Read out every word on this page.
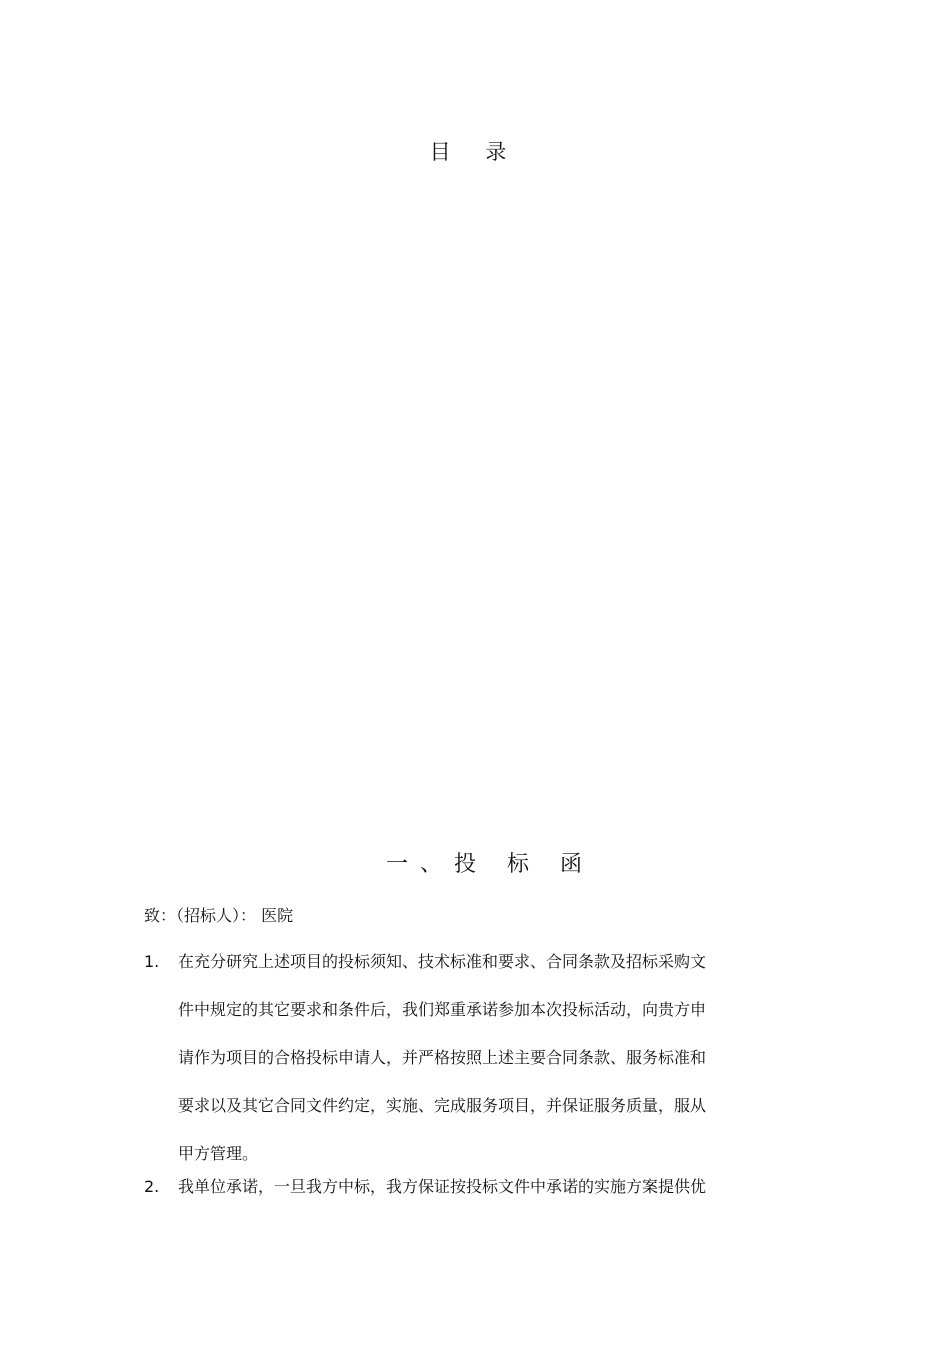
目 录
一、投 标 函
致：（招标人）： 医院
1. 在充分研究上述项目的投标须知、技术标准和要求、合同条款及招标采购文
件中规定的其它要求和条件后，我们郑重承诺参加本次投标活动，向贵方申
请作为项目的合格投标申请人，并严格按照上述主要合同条款、服务标准和
要求以及其它合同文件约定，实施、完成服务项目，并保证服务质量，服从
甲方管理。
2. 我单位承诺，一旦我方中标，我方保证按投标文件中承诺的实施方案提供优
